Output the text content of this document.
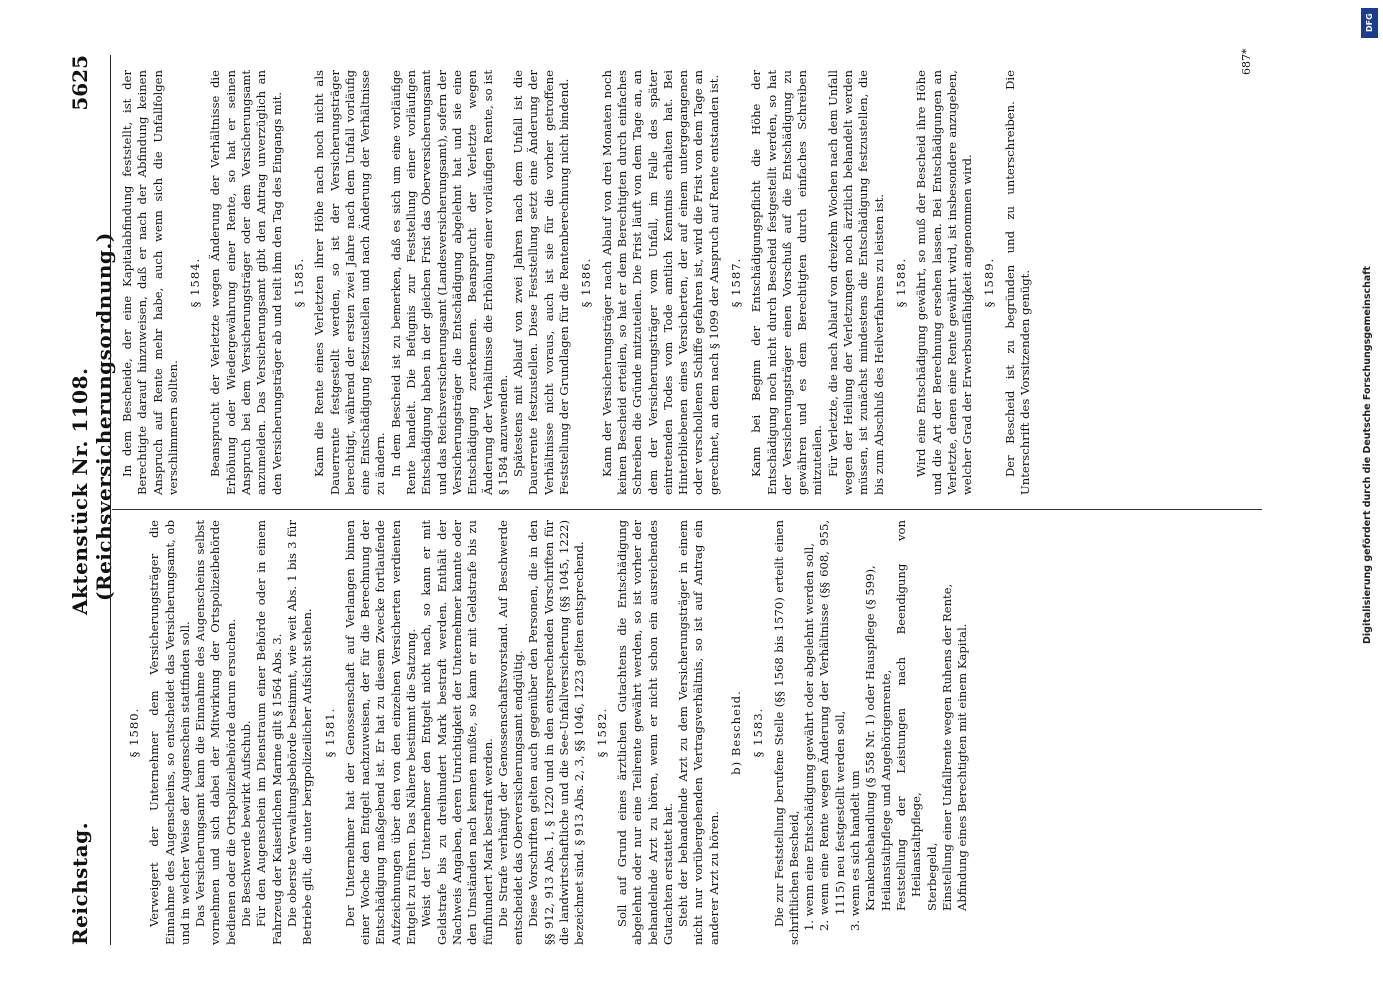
Reichstag.
Aktenstück Nr. 1108. (Reichsversicherungsordnung.)
5625
§ 1580. Verweigert der Unternehmer dem Versicherungsträger die Einnahme des Augenscheins, so entscheidet das Versicherungsamt, ob und in welcher Weise der Augenschein stattfinden soll. Das Versicherungsamt kann die Einnahme des Augenscheins selbst vornehmen und sich dabei der Mitwirkung der Ortspolizeibehörde bedienen oder die Ortspolizeibehörde darum ersuchen. Die Beschwerde bewirkt Aufschub. Für den Augenschein im Dienstraum einer Behörde oder in einem Fahrzeug der Kaiserlichen Marine gilt § 1564 Abs. 3. Die oberste Verwaltungsbehörde bestimmt, wie weit Abs. 1 bis 3 für Betriebe gilt, die unter bergpolizeilicher Aufsicht stehen. § 1581. Der Unternehmer hat der Genossenschaft auf Verlangen binnen einer Woche den Entgelt nachzuweisen, der für die Berechnung der Entschädigung maßgebend ist. Er hat zu diesem Zwecke fortlaufende Aufzeichnungen über den von den einzelnen Versicherten verdienten Entgelt zu führen. Das Nähere bestimmt die Satzung. Weist der Unternehmer den Entgelt nicht nach, so kann er mit Geldstrafe bis zu dreihundert Mark bestraft werden. Enthält der Nachweis Angaben, deren Unrichtigkeit der Unternehmer kannte oder den Umständen nach kennen mußte, so kann er mit Geldstrafe bis zu fünfhundert Mark bestraft werden. Die Strafe verhängt der Genossenschaftsvorstand. Auf Beschwerde entscheidet das Oberversicherungsamt endgültig. Diese Vorschriften gelten auch gegenüber den Personen, die in den §§ 912, 913 Abs. 1, § 1220 und in den entsprechenden Vorschriften für die landwirtschaftliche und die See-Unfallversicherung (§§ 1045, 1222) bezeichnet sind. § 913 Abs. 2, 3, §§ 1046, 1223 gelten entsprechend. § 1582. Soll auf Grund eines ärztlichen Gutachtens die Entschädigung abgelehnt oder nur eine Teilrente gewährt werden, so ist vorher der behandelnde Arzt zu hören, wenn er nicht schon ein ausreichendes Gutachten erstattet hat. Steht der behandelnde Arzt zu dem Versicherungsträger in einem nicht nur vorübergehenden Vertragsverhältnis, so ist auf Antrag ein anderer Arzt zu hören.

b) Bescheid. § 1583. Die zur Feststellung berufene Stelle (§§ 1568 bis 1570) erteilt einen schriftlichen Bescheid, 1. wenn eine Entschädigung gewährt oder abgelehnt werden soll, 2. wenn eine Rente wegen Änderung der Verhältnisse (§§ 608, 955, 1115) neu festgestellt werden soll, 3. wenn es sich handelt um Krankenbehandlung (§ 558 Nr. 1) oder Hauspflege (§ 599), Heilanstaltpflege und Angehörigenrente, Feststellung der Leistungen nach Beendigung von Heilanstaltpflege, Sterbegeld, Einstellung einer Unfallrente wegen Ruhens der Rente, Abfindung eines Berechtigten mit einem Kapital.

In dem Bescheide, der eine Kapitalabfindung feststellt, ist der Berechtigte darauf hinzuweisen, daß er nach der Abfindung keinen Anspruch auf Rente mehr habe, auch wenn sich die Unfallfolgen verschlimmern sollten.

§ 1584. Beansprucht der Verletzte wegen Änderung der Verhältnisse die Erhöhung oder Wiedergewährung einer Rente, so hat er seinen Anspruch bei dem Versicherungsträger oder dem Versicherungsamt anzumelden. Das Versicherungsamt gibt den Antrag unverzüglich an den Versicherungsträger ab und teilt ihm den Tag des Eingangs mit. § 1585. Kann die Rente eines Verletzten ihrer Höhe nach noch nicht als Dauerrente festgestellt werden, so ist der Versicherungsträger berechtigt, während der ersten zwei Jahre nach dem Unfall vorläufig eine Entschädigung festzustellen und nach Änderung der Verhältnisse zu ändern. In dem Bescheid ist zu bemerken, daß es sich um eine vorläufige Rente handelt. Die Befugnis zur Feststellung einer vorläufigen Entschädigung haben in der gleichen Frist das Oberversicherungsamt und das Reichsversicherungsamt (Landesversicherungsamt), sofern der Versicherungsträger die Entschädigung abgelehnt hat und sie eine Entschädigung zuerkennen. Beansprucht der Verletzte wegen Änderung der Verhältnisse die Erhöhung einer vorläufigen Rente, so ist § 1584 anzuwenden. Spätestens mit Ablauf von zwei Jahren nach dem Unfall ist die Dauerrente festzustellen. Diese Feststellung setzt eine Änderung der Verhältnisse nicht voraus, auch ist sie für die vorher getroffene Feststellung der Grundlagen für die Rentenberechnung nicht bindend. § 1586. Kann der Versicherungsträger nach Ablauf von drei Monaten noch keinen Bescheid erteilen, so hat er dem Berechtigten durch einfaches Schreiben die Gründe mitzuteilen. Die Frist läuft von dem Tage an, an dem der Versicherungsträger vom Unfall, im Falle des später eintretenden Todes vom Tode amtlich Kenntnis erhalten hat. Bei Hinterbliebenen eines Versicherten, der auf einem untergegangenen oder verschollenen Schiffe gefahren ist, wird die Frist von dem Tage an gerechnet, an dem nach § 1099 der Anspruch auf Rente entstanden ist. § 1587. Kann bei Beginn der Entschädigungspflicht die Höhe der Entschädigung noch nicht durch Bescheid festgestellt werden, so hat der Versicherungsträger einen Vorschuß auf die Entschädigung zu gewähren und es dem Berechtigten durch einfaches Schreiben mitzuteilen. Für Verletzte, die nach Ablauf von dreizehn Wochen nach dem Unfall wegen der Heilung der Verletzungen noch ärztlich behandelt werden müssen, ist zunächst mindestens die Entschädigung festzustellen, die bis zum Abschluß des Heilverfahrens zu leisten ist. § 1588. Wird eine Entschädigung gewährt, so muß der Bescheid ihre Höhe und die Art der Berechnung ersehen lassen. Bei Entschädigungen an Verletzte, denen eine Rente gewährt wird, ist insbesondere anzugeben, welcher Grad der Erwerbsunfähigkeit angenommen wird. § 1589. Der Bescheid ist zu begründen und zu unterschreiben. Die Unterschrift des Vorsitzenden genügt.

687*
DFG
Digitalisierung gefördert durch die Deutsche Forschungsgemeinschaft
